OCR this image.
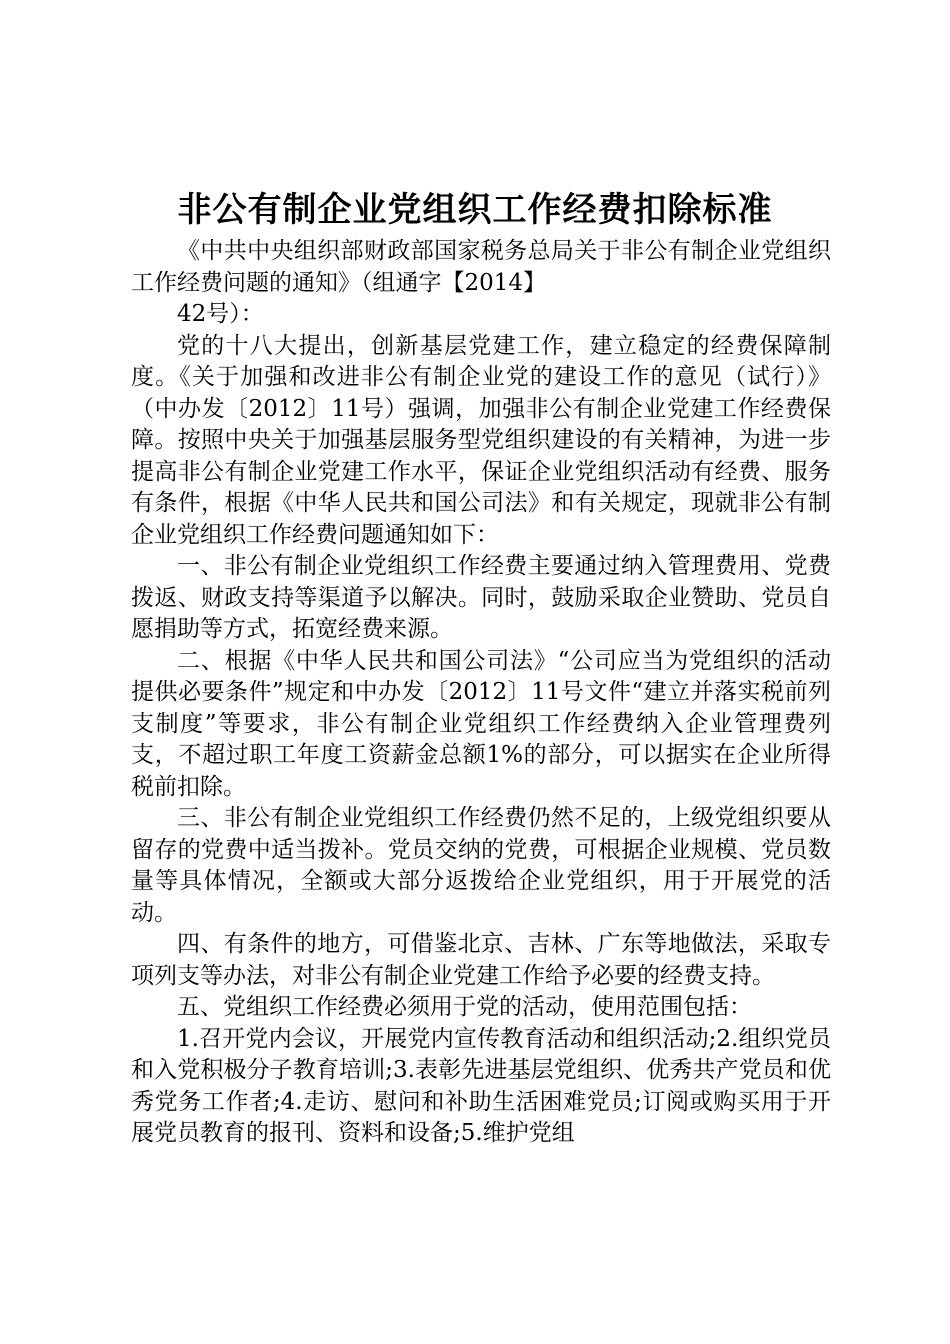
非公有制企业党组织工作经费扣除标准

《中共中央组织部财政部国家税务总局关于非公有制企业党组织工作经费问题的通知》（组通字【2014】

42号）：

党的十八大提出，创新基层党建工作，建立稳定的经费保障制度。《关于加强和改进非公有制企业党的建设工作的意见（试行）》（中办发〔2012〕11号）强调，加强非公有制企业党建工作经费保障。按照中央关于加强基层服务型党组织建设的有关精神，为进一步提高非公有制企业党建工作水平，保证企业党组织活动有经费、服务有条件，根据《中华人民共和国公司法》和有关规定，现就非公有制企业党组织工作经费问题通知如下：

一、非公有制企业党组织工作经费主要通过纳入管理费用、党费拨返、财政支持等渠道予以解决。同时，鼓励采取企业赞助、党员自愿捐助等方式，拓宽经费来源。

二、根据《中华人民共和国公司法》“公司应当为党组织的活动提供必要条件”规定和中办发〔2012〕11号文件“建立并落实税前列支制度”等要求，非公有制企业党组织工作经费纳入企业管理费列支，不超过职工年度工资薪金总额1%的部分，可以据实在企业所得税前扣除。

三、非公有制企业党组织工作经费仍然不足的，上级党组织要从留存的党费中适当拨补。党员交纳的党费，可根据企业规模、党员数量等具体情况，全额或大部分返拨给企业党组织，用于开展党的活动。

四、有条件的地方，可借鉴北京、吉林、广东等地做法，采取专项列支等办法，对非公有制企业党建工作给予必要的经费支持。

五、党组织工作经费必须用于党的活动，使用范围包括：

1.召开党内会议，开展党内宣传教育活动和组织活动;2.组织党员和入党积极分子教育培训;3.表彰先进基层党组织、优秀共产党员和优秀党务工作者;4.走访、慰问和补助生活困难党员;订阅或购买用于开展党员教育的报刊、资料和设备;5.维护党组
